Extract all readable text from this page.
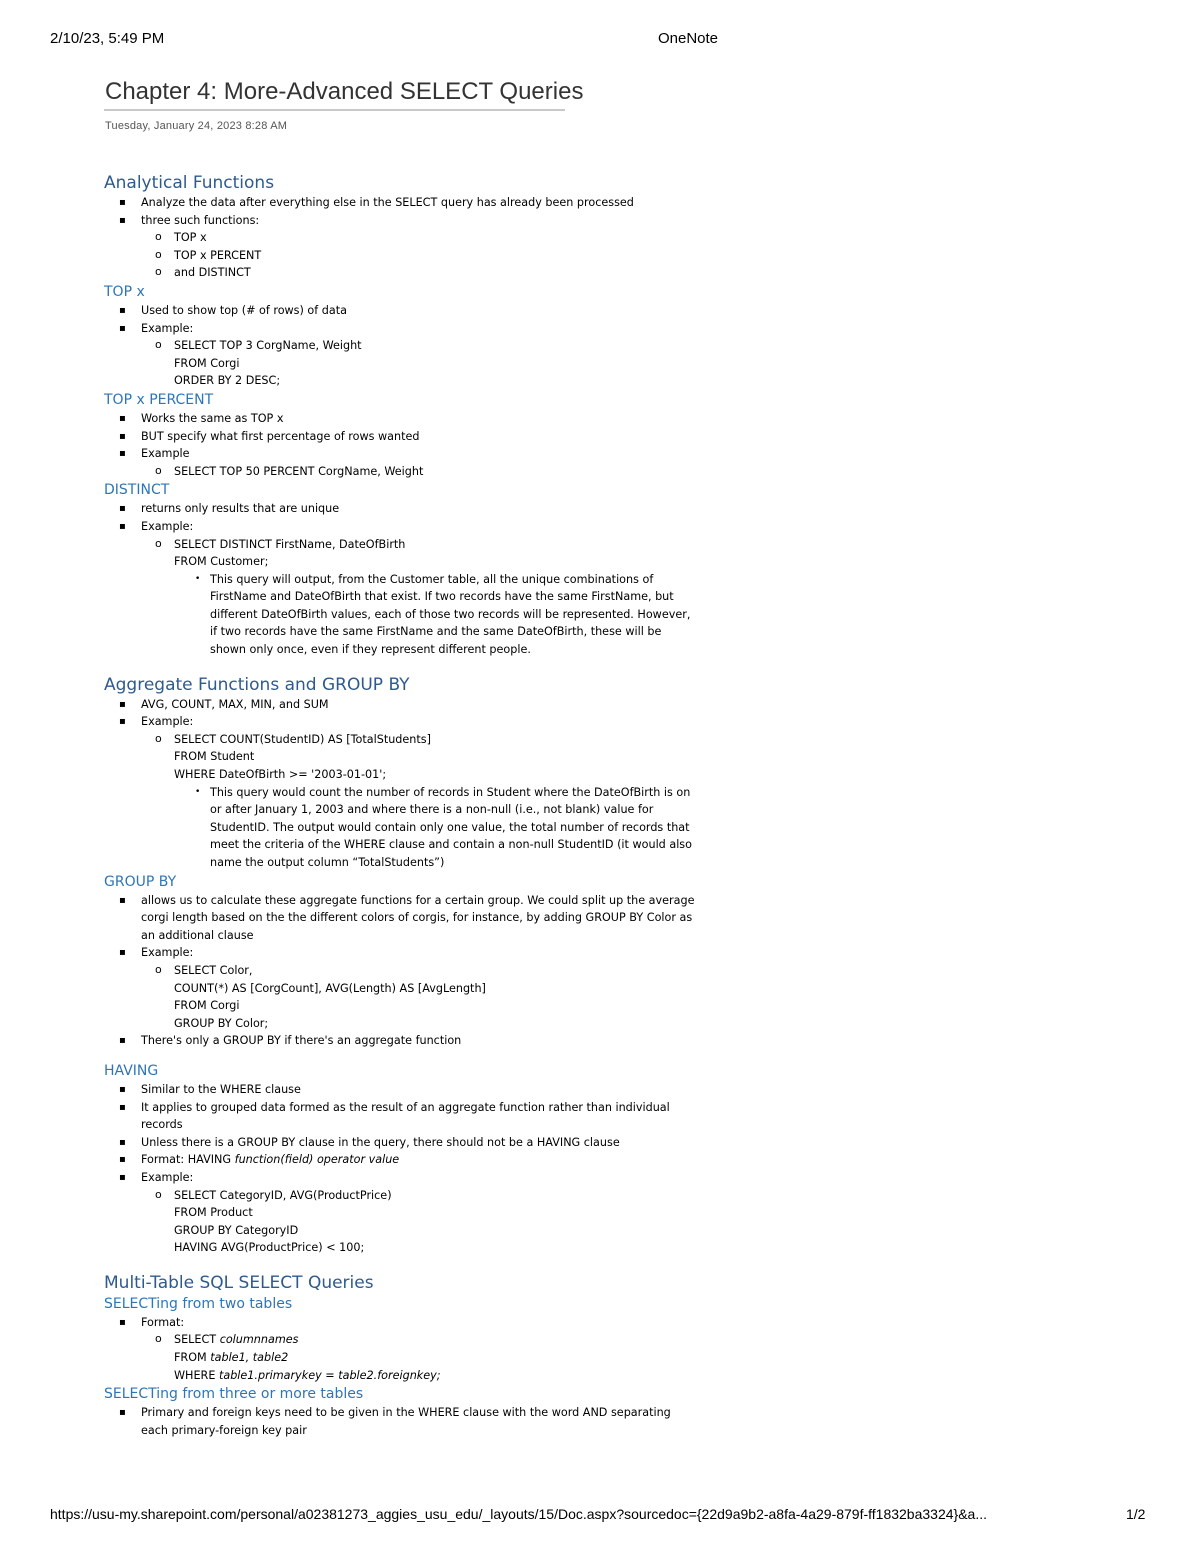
2/10/23, 5:49 PM	OneNote
Chapter 4: More-Advanced SELECT Queries
Tuesday, January 24, 2023 8:28 AM
Analytical Functions
▪ Analyze the data after everything else in the SELECT query has already been processed
▪ three such functions:
o TOP x
o TOP x PERCENT
o and DISTINCT
TOP x
▪ Used to show top (# of rows) of data
▪ Example:
o SELECT TOP 3 CorgName, Weight
FROM Corgi
ORDER BY 2 DESC;
TOP x PERCENT
▪ Works the same as TOP x
▪ BUT specify what first percentage of rows wanted
▪ Example
o SELECT TOP 50 PERCENT CorgName, Weight
DISTINCT
▪ returns only results that are unique
▪ Example:
o SELECT DISTINCT FirstName, DateOfBirth
FROM Customer;
• This query will output, from the Customer table, all the unique combinations of
FirstName and DateOfBirth that exist. If two records have the same FirstName, but
different DateOfBirth values, each of those two records will be represented. However,
if two records have the same FirstName and the same DateOfBirth, these will be
shown only once, even if they represent different people.
Aggregate Functions and GROUP BY
▪ AVG, COUNT, MAX, MIN, and SUM
▪ Example:
o SELECT COUNT(StudentID) AS [TotalStudents]
FROM Student
WHERE DateOfBirth >= '2003-01-01';
• This query would count the number of records in Student where the DateOfBirth is on
or after January 1, 2003 and where there is a non-null (i.e., not blank) value for
StudentID. The output would contain only one value, the total number of records that
meet the criteria of the WHERE clause and contain a non-null StudentID (it would also
name the output column “TotalStudents”)
GROUP BY
▪ allows us to calculate these aggregate functions for a certain group. We could split up the average
corgi length based on the the different colors of corgis, for instance, by adding GROUP BY Color as
an additional clause
▪ Example:
o SELECT Color,
COUNT(*) AS [CorgCount], AVG(Length) AS [AvgLength]
FROM Corgi
GROUP BY Color;
▪ There's only a GROUP BY if there's an aggregate function
HAVING
▪ Similar to the WHERE clause
▪ It applies to grouped data formed as the result of an aggregate function rather than individual
records
▪ Unless there is a GROUP BY clause in the query, there should not be a HAVING clause
▪ Format: HAVING function(field) operator value
▪ Example:
o SELECT CategoryID, AVG(ProductPrice)
FROM Product
GROUP BY CategoryID
HAVING AVG(ProductPrice) < 100;
Multi-Table SQL SELECT Queries
SELECTing from two tables
▪ Format:
o SELECT columnnames
FROM table1, table2
WHERE table1.primarykey = table2.foreignkey;
SELECTing from three or more tables
▪ Primary and foreign keys need to be given in the WHERE clause with the word AND separating
each primary-foreign key pair
https://usu-my.sharepoint.com/personal/a02381273_aggies_usu_edu/_layouts/15/Doc.aspx?sourcedoc={22d9a9b2-a8fa-4a29-879f-ff1832ba3324}&a...	1/2
